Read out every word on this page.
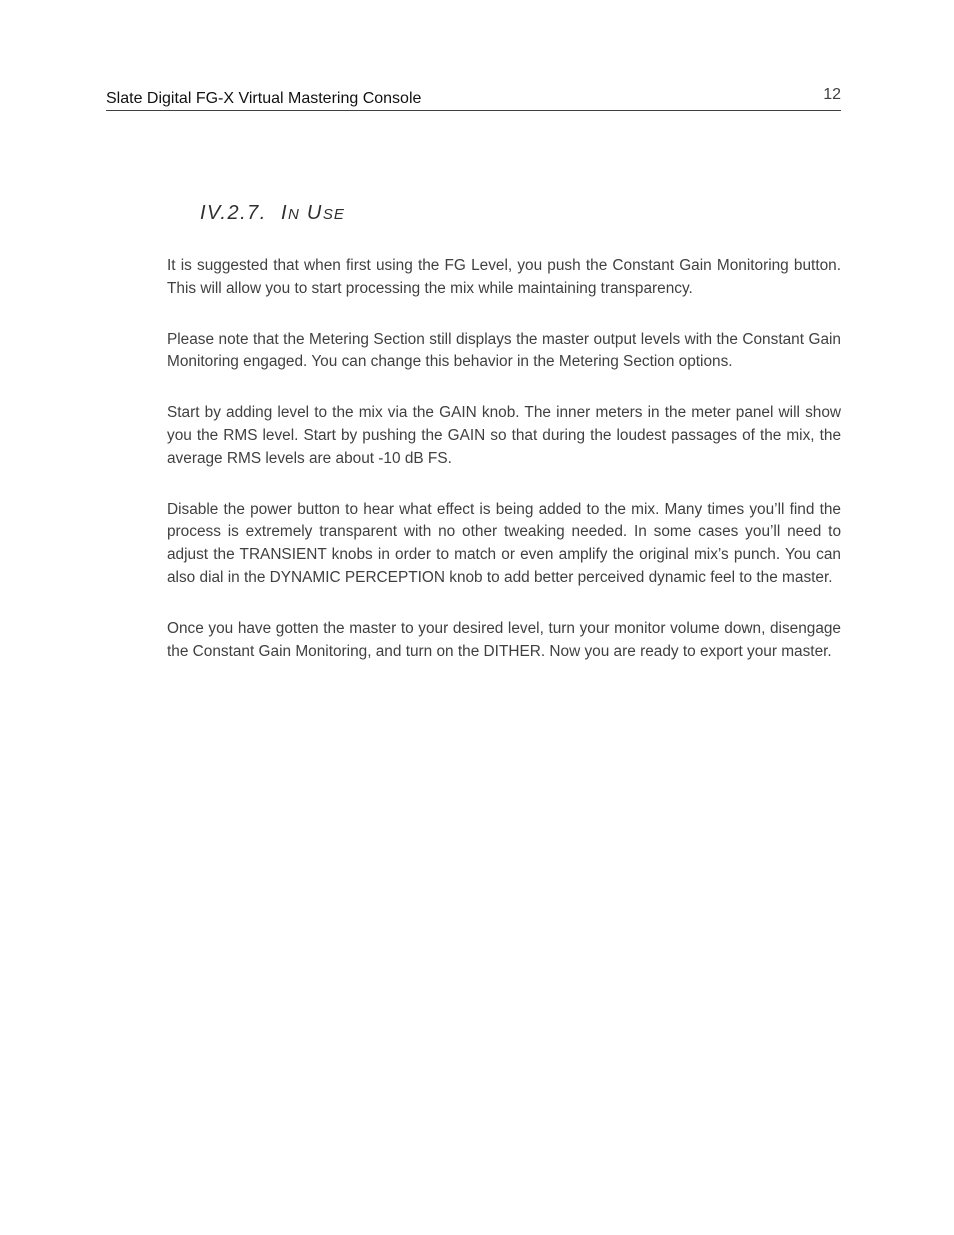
Slate Digital FG-X Virtual Mastering Console	12
IV.2.7. IN USE

It is suggested that when first using the FG Level, you push the Constant Gain Monitoring button. This will allow you to start processing the mix while maintaining transparency.

Please note that the Metering Section still displays the master output levels with the Constant Gain Monitoring engaged. You can change this behavior in the Metering Section options.

Start by adding level to the mix via the GAIN knob. The inner meters in the meter panel will show you the RMS level. Start by pushing the GAIN so that during the loudest passages of the mix, the average RMS levels are about -10 dB FS.

Disable the power button to hear what effect is being added to the mix. Many times you’ll find the process is extremely transparent with no other tweaking needed. In some cases you’ll need to adjust the TRANSIENT knobs in order to match or even amplify the original mix’s punch. You can also dial in the DYNAMIC PERCEPTION knob to add better perceived dynamic feel to the master.

Once you have gotten the master to your desired level, turn your monitor volume down, disengage the Constant Gain Monitoring, and turn on the DITHER. Now you are ready to export your master.
